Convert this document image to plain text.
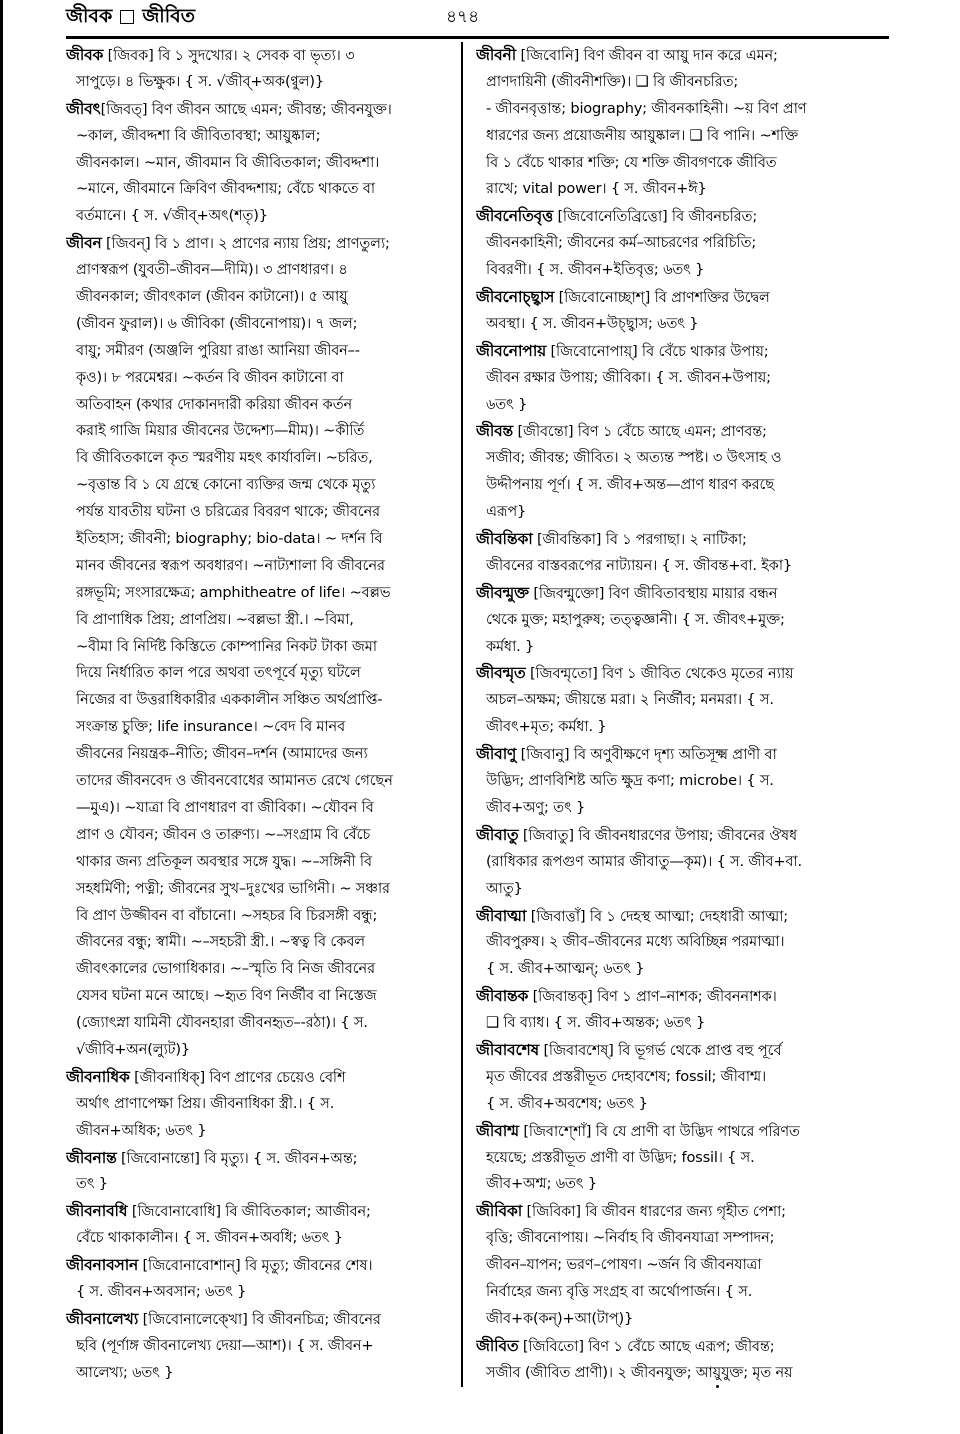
জীবক জীবিত	৪৭৪
জীবক [জিবক] বি ১ সুদখোর। ২ সেবক বা ভৃত্য। ৩
সাপুড়ে। ৪ ভিক্ষুক। { স. √জীব্+অক(ণ্বুল)}
জীবৎ[জিবত্] বিণ জীবন আছে এমন; জীবন্ত; জীবনযুক্ত।
~কাল, জীবদ্দশা বি জীবিতাবস্থা; আয়ুষ্কাল;
জীবনকাল। ~মান, জীবমান বি জীবিতকাল; জীবদ্দশা।
~মানে, জীবমানে ক্রিবিণ জীবদ্দশায়; বেঁচে থাকতে বা
বর্তমানে। { স. √জীব্+অৎ(শতৃ)}
জীবন [জিবন্] বি ১ প্রাণ। ২ প্রাণের ন্যায় প্রিয়; প্রাণতুল্য;
প্রাণস্বরূপ (যুবতী–জীবন—দীমি)। ৩ প্রাণধারণ। ৪
জীবনকাল; জীবৎকাল (জীবন কাটানো)। ৫ আয়ু
(জীবন ফুরাল)। ৬ জীবিকা (জীবনোপায়)। ৭ জল;
বায়ু; সমীরণ (অঞ্জলি পুরিয়া রাঙা আনিয়া জীবন–-
কৃও)। ৮ পরমেশ্বর। ~কর্তন বি জীবন কাটানো বা
অতিবাহন (কথার দোকানদারী করিয়া জীবন কর্তন
করাই গাজি মিয়ার জীবনের উদ্দেশ্য—মীম)। ~কীর্তি
বি জীবিতকালে কৃত স্মরণীয় মহৎ কার্যাবলি। ~চরিত,
~বৃত্তান্ত বি ১ যে গ্রন্থে কোনো ব্যক্তির জন্ম থেকে মৃত্যু
পর্যন্ত যাবতীয় ঘটনা ও চরিত্রের বিবরণ থাকে; জীবনের
ইতিহাস; জীবনী; biography; bio-data। ~ দর্শন বি
মানব জীবনের স্বরূপ অবধারণ। ~নাট্যশালা বি জীবনের
রঙ্গভূমি; সংসারক্ষেত্র; amphitheatre of life। ~বল্লভ
বি প্রাণাধিক প্রিয়; প্রাণপ্রিয়। ~বল্লভা স্ত্রী.। ~বিমা,
~বীমা বি নির্দিষ্ট কিস্তিতে কোম্পানির নিকট টাকা জমা
দিয়ে নির্ধারিত কাল পরে অথবা তৎপূর্বে মৃত্যু ঘটলে
নিজের বা উত্তরাধিকারীর এককালীন সঞ্চিত অর্থপ্রাপ্তি-
সংক্রান্ত চুক্তি; life insurance। ~বেদ বি মানব
জীবনের নিয়ন্ত্রক–নীতি; জীবন–দর্শন (আমাদের জন্য
তাদের জীবনবেদ ও জীবনবোধের আমানত রেখে গেছেন
—মুএ)। ~যাত্রা বি প্রাণধারণ বা জীবিকা। ~যৌবন বি
প্রাণ ও যৌবন; জীবন ও তারুণ্য। ~–সংগ্রাম বি বেঁচে
থাকার জন্য প্রতিকূল অবস্থার সঙ্গে যুদ্ধ। ~–সঙ্গিনী বি
সহধর্মিণী; পত্নী; জীবনের সুখ–দুঃখের ভাগিনী। ~ সঞ্চার
বি প্রাণ উজ্জীবন বা বাঁচানো। ~সহচর বি চিরসঙ্গী বন্ধু;
জীবনের বন্ধু; স্বামী। ~–সহচরী স্ত্রী.। ~স্বত্ব বি কেবল
জীবৎকালের ভোগাধিকার। ~–স্মৃতি বি নিজ জীবনের
যেসব ঘটনা মনে আছে। ~হৃত বিণ নির্জীব বা নিস্তেজ
(জ্যোৎস্না যামিনী যৌবনহারা জীবনহৃত–-রঠা)। { স.
√জীবি+অন(ল্যুট)}
জীবনাধিক [জীবনাধিক্] বিণ প্রাণের চেয়েও বেশি
অর্থাৎ প্রাণাপেক্ষা প্রিয়। জীবনাধিকা স্ত্রী.। { স.
জীবন+অধিক; ৬তৎ }
জীবনান্ত [জিবোনান্তো] বি মৃত্যু। { স. জীবন+অন্ত;
তৎ }
জীবনাবধি [জিবোনাবোধি] বি জীবিতকাল; আজীবন;
বেঁচে থাকাকালীন। { স. জীবন+অবধি; ৬তৎ }
জীবনাবসান [জিবোনাবোশান্] বি মৃত্যু; জীবনের শেষ।
{ স. জীবন+অবসান; ৬তৎ }
জীবনালেখ্য [জিবোনালেক্খো] বি জীবনচিত্র; জীবনের
ছবি (পূর্ণাঙ্গ জীবনালেখ্য দেয়া—আশ)। { স. জীবন+
আলেখ্য; ৬তৎ }
জীবনী [জিবোনি] বিণ জীবন বা আয়ু দান করে এমন;
প্রাণদায়িনী (জীবনীশক্তি)। ❑ বি জীবনচরিত;
- জীবনবৃত্তান্ত; biography; জীবনকাহিনী। ~য় বিণ প্রাণ
ধারণের জন্য প্রয়োজনীয় আয়ুষ্কাল। ❑ বি পানি। ~শক্তি
বি ১ বেঁচে থাকার শক্তি; যে শক্তি জীবগণকে জীবিত
রাখে; vital power। { স. জীবন+ঈ}
জীবনেতিবৃত্ত [জিবোনেতিব্রিত্তো] বি জীবনচরিত;
জীবনকাহিনী; জীবনের কর্ম–আচরণের পরিচিতি;
বিবরণী। { স. জীবন+ইতিবৃত্ত; ৬তৎ }
জীবনোচ্ছ্বাস [জিবোনোচ্ছাশ্] বি প্রাণশক্তির উদ্বেল
অবস্থা। { স. জীবন+উচ্ছ্বাস; ৬তৎ }
জীবনোপায় [জিবোনোপায়্] বি বেঁচে থাকার উপায়;
জীবন রক্ষার উপায়; জীবিকা। { স. জীবন+উপায়;
৬তৎ }
জীবন্ত [জীবন্তো] বিণ ১ বেঁচে আছে এমন; প্রাণবন্ত;
সজীব; জীবন্ত; জীবিত। ২ অত্যন্ত স্পষ্ট। ৩ উৎসাহ ও
উদ্দীপনায় পূর্ণ। { স. জীব+অন্ত—প্রাণ ধারণ করছে
এরূপ}
জীবন্তিকা [জীবন্তিকা] বি ১ পরগাছা। ২ নাটিকা;
জীবনের বাস্তবরূপের নাট্যায়ন। { স. জীবন্ত+বা. ইকা}
জীবন্মুক্ত [জিবন্মুক্তো] বিণ জীবিতাবস্থায় মায়ার বন্ধন
থেকে মুক্ত; মহাপুরুষ; তত্ত্বজ্ঞানী। { স. জীবৎ+মুক্ত;
কর্মধা. }
জীবন্মৃত [জিবন্মৃতো] বিণ ১ জীবিত থেকেও মৃতের ন্যায়
অচল–অক্ষম; জীয়ন্তে মরা। ২ নির্জীব; মনমরা। { স.
জীবৎ+মৃত; কর্মধা. }
জীবাণু [জিবানু] বি অণুবীক্ষণে দৃশ্য অতিসূক্ষ্ম প্রাণী বা
উদ্ভিদ; প্রাণবিশিষ্ট অতি ক্ষুদ্র কণা; microbe। { স.
জীব+অণু; তৎ }
জীবাতু [জিবাতু] বি জীবনধারণের উপায়; জীবনের ঔষধ
(রাধিকার রূপগুণ আমার জীবাতু—কৃম)। { স. জীব+বা.
আতু}
জীবাত্মা [জিবাত্তাঁ] বি ১ দেহস্থ আত্মা; দেহধারী আত্মা;
জীবপুরুষ। ২ জীব–জীবনের মধ্যে অবিচ্ছিন্ন পরমাত্মা।
{ স. জীব+আত্মন্; ৬তৎ }
জীবান্তক [জিবান্তক্] বিণ ১ প্রাণ–নাশক; জীবননাশক।
❑ বি ব্যাধ। { স. জীব+অন্তক; ৬তৎ }
জীবাবশেষ [জিবাবশেষ্] বি ভূগর্ভ থেকে প্রাপ্ত বহু পূর্বে
মৃত জীবের প্রস্তরীভূত দেহাবশেষ; fossil; জীবাশ্ম।
{ স. জীব+অবশেষ; ৬তৎ }
জীবাশ্ম [জিবাশ্শোঁ] বি যে প্রাণী বা উদ্ভিদ পাথরে পরিণত
হয়েছে; প্রস্তরীভূত প্রাণী বা উদ্ভিদ; fossil। { স.
জীব+অশ্ম; ৬তৎ }
জীবিকা [জিবিকা] বি জীবন ধারণের জন্য গৃহীত পেশা;
বৃত্তি; জীবনোপায়। ~নির্বাহ বি জীবনযাত্রা সম্পাদন;
জীবন–যাপন; ভরণ–পোষণ। ~র্জন বি জীবনযাত্রা
নির্বাহের জন্য বৃত্তি সংগ্রহ বা অর্থোপার্জন। { স.
জীব+ক(কন্)+আ(টাপ্)}
জীবিত [জিবিতো] বিণ ১ বেঁচে আছে এরূপ; জীবন্ত;
সজীব (জীবিত প্রাণী)। ২ জীবনযুক্ত; আয়ুযুক্ত; মৃত নয়
